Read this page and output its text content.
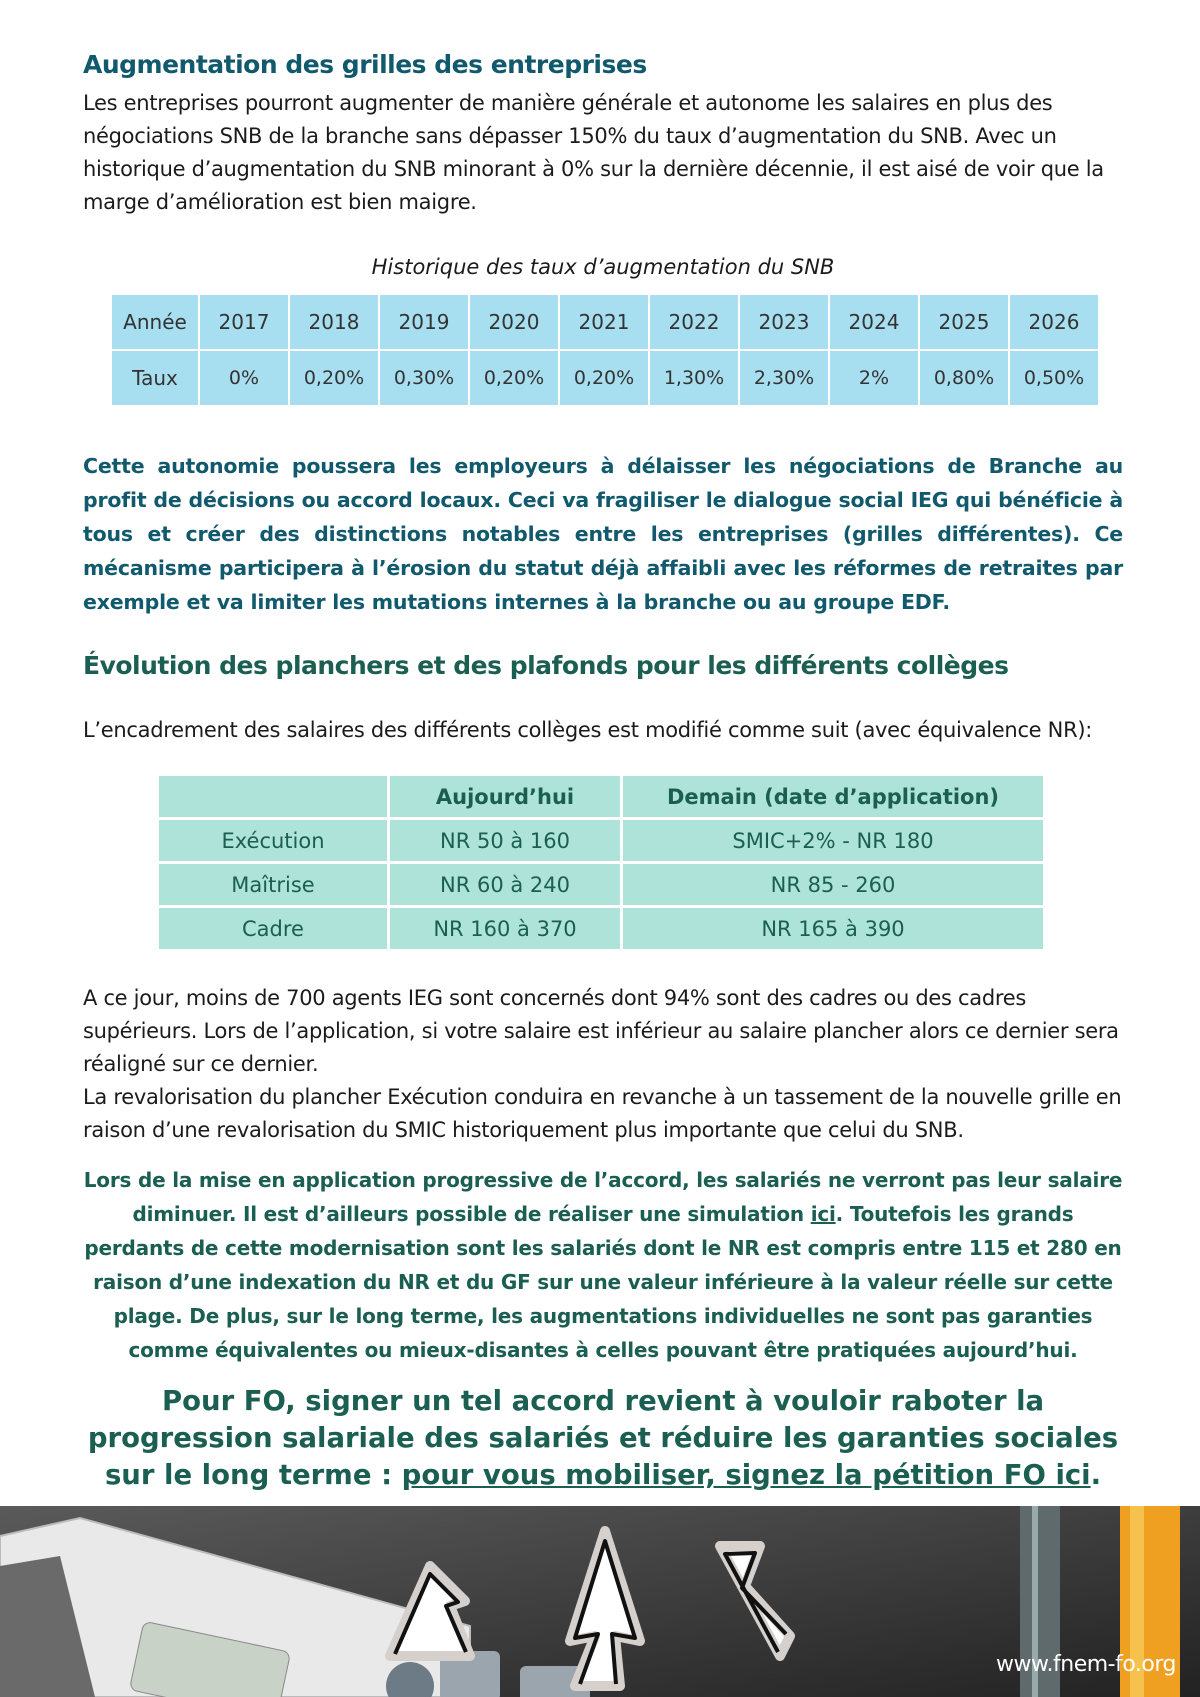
Augmentation des grilles des entreprises

Les entreprises pourront augmenter de manière générale et autonome les salaires en plus des négociations SNB de la branche sans dépasser 150% du taux d’augmentation du SNB. Avec un historique d’augmentation du SNB minorant à 0% sur la dernière décennie, il est aisé de voir que la marge d’amélioration est bien maigre.

Historique des taux d’augmentation du SNB

Année	2017	2018	2019	2020	2021	2022	2023	2024	2025	2026
Taux	0%	0,20%	0,30%	0,20%	0,20%	1,30%	2,30%	2%	0,80%	0,50%

Cette autonomie poussera les employeurs à délaisser les négociations de Branche au profit de décisions ou accord locaux. Ceci va fragiliser le dialogue social IEG qui bénéficie à tous et créer des distinctions notables entre les entreprises (grilles différentes). Ce mécanisme participera à l’érosion du statut déjà affaibli avec les réformes de retraites par exemple et va limiter les mutations internes à la branche ou au groupe EDF.

Évolution des planchers et des plafonds pour les différents collèges

L’encadrement des salaires des différents collèges est modifié comme suit (avec équivalence NR):

	Aujourd’hui	Demain (date d’application)
Exécution	NR 50 à 160	SMIC+2% - NR 180
Maîtrise	NR 60 à 240	NR 85 - 260
Cadre	NR 160 à 370	NR 165 à 390

A ce jour, moins de 700 agents IEG sont concernés dont 94% sont des cadres ou des cadres supérieurs. Lors de l’application, si votre salaire est inférieur au salaire plancher alors ce dernier sera réaligné sur ce dernier.

La revalorisation du plancher Exécution conduira en revanche à un tassement de la nouvelle grille en raison d’une revalorisation du SMIC historiquement plus importante que celui du SNB.

Lors de la mise en application progressive de l’accord, les salariés ne verront pas leur salaire diminuer. Il est d’ailleurs possible de réaliser une simulation ici. Toutefois les grands perdants de cette modernisation sont les salariés dont le NR est compris entre 115 et 280 en raison d’une indexation du NR et du GF sur une valeur inférieure à la valeur réelle sur cette plage. De plus, sur le long terme, les augmentations individuelles ne sont pas garanties comme équivalentes ou mieux-disantes à celles pouvant être pratiquées aujourd’hui.

Pour FO, signer un tel accord revient à vouloir raboter la progression salariale des salariés et réduire les garanties sociales sur le long terme : pour vous mobiliser, signez la pétition FO ici.

/5	www.fnem-fo.org
